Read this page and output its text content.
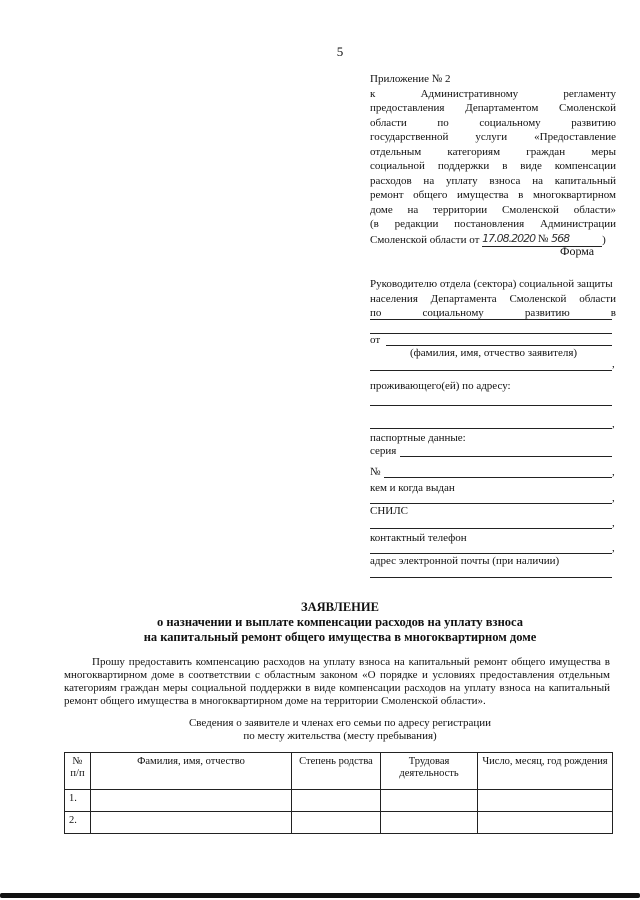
5
Приложение № 2
к Административному регламенту
предоставления Департаментом Смоленской
области по социальному развитию
государственной услуги «Предоставление
отдельным категориям граждан меры
социальной поддержки в виде компенсации
расходов на уплату взноса на капитальный
ремонт общего имущества в многоквартирном
доме на территории Смоленской области»
(в редакции постановления Администрации
Смоленской области от 17.08.2020 № 568	)
Форма
Руководителю отдела (сектора) социальной защиты
населения Департамента Смоленской области
по социальному развитию в
от
(фамилия, имя, отчество заявителя)
,
проживающего(ей) по адресу:
,
паспортные данные:
серия
№	,
кем и когда выдан
,
СНИЛС
,
контактный телефон
,
адрес электронной почты (при наличии)
ЗАЯВЛЕНИЕ
о назначении и выплате компенсации расходов на уплату взноса
на капитальный ремонт общего имущества в многоквартирном доме
Прошу предоставить компенсацию расходов на уплату взноса на капитальный ремонт общего имущества в многоквартирном доме в соответствии с областным законом «О порядке и условиях предоставления отдельным категориям граждан меры социальной поддержки в виде компенсации расходов на уплату взноса на капитальный ремонт общего имущества в многоквартирном доме на территории Смоленской области».
Сведения о заявителе и членах его семьи по адресу регистрации
по месту жительства (месту пребывания)
№ п/п	Фамилия, имя, отчество	Степень родства	Трудовая деятельность	Число, месяц, год рождения
1.				
2.				
